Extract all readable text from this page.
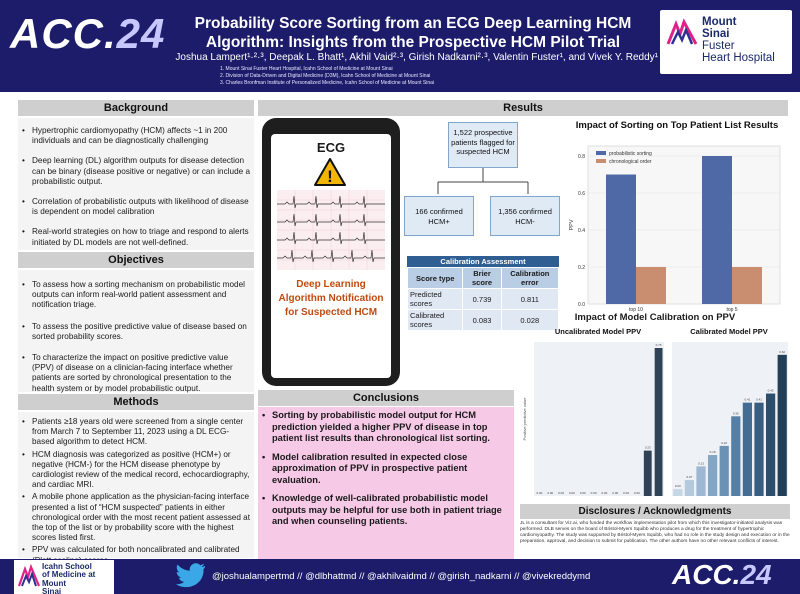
ACC.24	Probability Score Sorting from an ECG Deep Learning HCM Algorithm: Insights from the Prospective HCM Pilot Trial
Joshua Lampert¹·²·³, Deepak L. Bhatt¹, Akhil Vaid²·³, Girish Nadkarni²·³, Valentin Fuster¹, and Vivek Y. Reddy¹
1. Mount Sinai Fuster Heart Hospital, Icahn School of Medicine at Mount Sinai
2. Division of Data-Driven and Digital Medicine (D3M), Icahn School of Medicine at Mount Sinai
3. Charles Bronfman Institute of Personalized Medicine, Icahn School of Medicine at Mount Sinai
Mount
Sinai
Fuster
Heart Hospital
Background
• Hypertrophic cardiomyopathy (HCM) affects ~1 in 200 individuals and can be diagnostically challenging
• Deep learning (DL) algorithm outputs for disease detection can be binary (disease positive or negative) or can include a probabilistic output.
• Correlation of probabilistic outputs with likelihood of disease is dependent on model calibration
• Real-world strategies on how to triage and respond to alerts initiated by DL models are not well-defined.
Objectives
• To assess how a sorting mechanism on probabilistic model outputs can inform real-world patient assessment and notification triage.
• To assess the positive predictive value of disease based on sorted probability scores.
• To characterize the impact on positive predictive value (PPV) of disease on a clinician-facing interface whether patients are sorted by chronological presentation to the health system or by model probabilistic output.
Methods
• Patients ≥18 years old were screened from a single center from March 7 to September 11, 2023 using a DL ECG-based algorithm to detect HCM.
• HCM diagnosis was categorized as positive (HCM+) or negative (HCM-) for the HCM disease phenotype by cardiologist review of the medical record, echocardiography, and cardiac MRI.
• A mobile phone application as the physician-facing interface presented a list of “HCM suspected” patients in either chronological order with the most recent patient assessed at the top of the list or by probability score with the highest scores listed first.
• PPV was calculated for both noncalibrated and calibrated
Results
ECG
!
Deep Learning Algorithm Notification for Suspected HCM
1,522 prospective patients flagged for suspected HCM
166 confirmed HCM+
1,356 confirmed HCM-
Calibration Assessment
Score type	Brier score	Calibration error
Predicted scores	0.739	0.811
Calibrated scores	0.083	0.028
Impact of Sorting on Top Patient List Results
0.0
0.2
0.4
0.6
0.8
PPV
top 10	top 5
probabilistic sorting
chronological order
Impact of Model Calibration on PPV
Uncalibrated Model PPV
Positive predictive value
0.00 0.00 0.00 0.00 0.00 0.00 0.00 0.00 0.00 0.00
0.23
0.75
Calibrated Model PPV
0.03
0.07
0.13
0.18
0.22
0.35
0.41 0.41
0.45
0.62
Conclusions
• Sorting by probabilistic model output for HCM prediction yielded a higher PPV of disease in top patient list results than chronological list sorting.
• Model calibration resulted in expected close approximation of PPV in prospective patient evaluation.
• Knowledge of well-calibrated probabilistic model outputs may be helpful for use both in patient triage and when counseling patients.
Disclosures / Acknowledgments
JL is a consultant for Viz.ai, who funded the workflow implementation pilot from which this investigator-initiated analysis was performed. DLB serves on the board of Bristol-Myers Squibb who produces a drug for the treatment of hypertrophic cardiomyopathy. The study was supported by Bristol-Myers Squibb, who had no role in the study design and execution or in the preparation, approval, and decision to submit for publication. The other authors have no other relevant conflicts of interest.
Icahn School
of Medicine at
Mount
Sinai
@joshualampertmd // @dlbhattmd // @akhilvaidmd // @girish_nadkarni // @vivekreddymd	ACC.24
